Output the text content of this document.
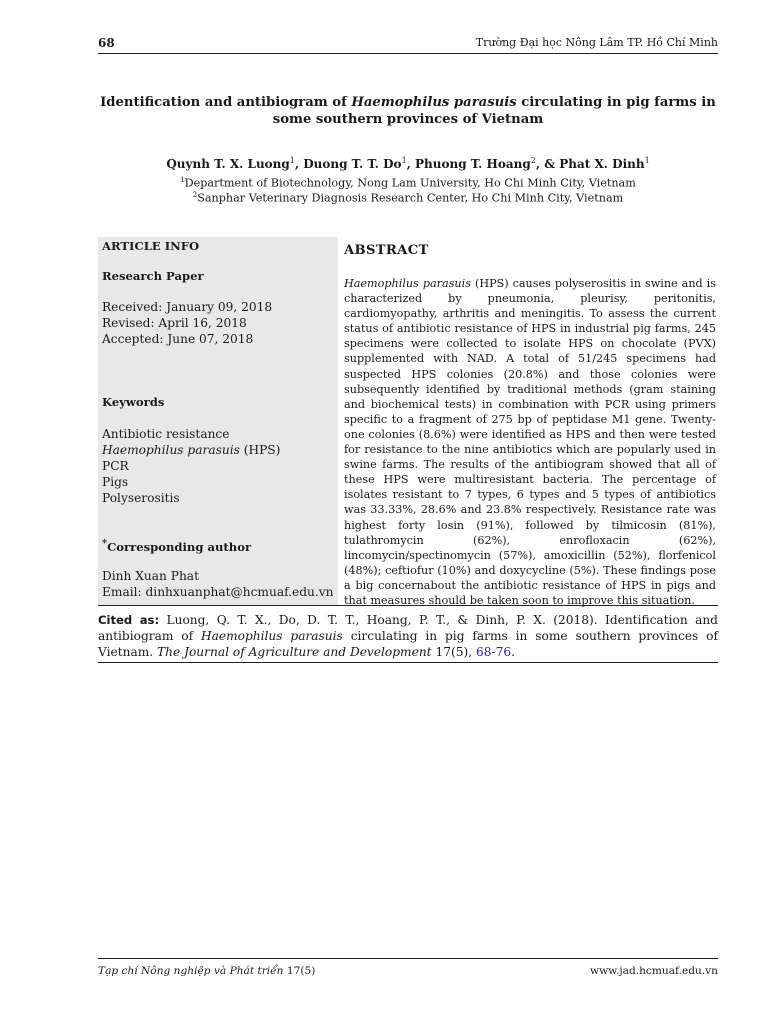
68	Trường Đại học Nông Lâm TP. Hồ Chí Minh
Identification and antibiogram of Haemophilus parasuis circulating in pig farms in
some southern provinces of Vietnam
Quynh T. X. Luong$^1$, Duong T. T. Do$^1$, Phuong T. Hoang$^2$, & Phat X. Dinh$^1$
$^1$Department of Biotechnology, Nong Lam University, Ho Chi Minh City, Vietnam
$^2$Sanphar Veterinary Diagnosis Research Center, Ho Chi Minh City, Vietnam
ARTICLE INFO
Research Paper
Received: January 09, 2018
Revised: April 16, 2018
Accepted: June 07, 2018
Keywords
Antibiotic resistance
Haemophilus parasuis (HPS)
PCR
Pigs
Polyserositis
*Corresponding author
Dinh Xuan Phat
Email: dinhxuanphat@hcmuaf.edu.vn
ABSTRACT
Haemophilus parasuis (HPS) causes polyserositis in swine and is characterized by pneumonia, pleurisy, peritonitis, cardiomyopathy, arthritis and meningitis. To assess the current status of antibiotic resistance of HPS in industrial pig farms, 245 specimens were collected to isolate HPS on chocolate (PVX) supplemented with NAD. A total of 51/245 specimens had suspected HPS colonies (20.8%) and those colonies were subsequently identified by traditional methods (gram staining and biochemical tests) in combination with PCR using primers specific to a fragment of 275 bp of peptidase M1 gene. Twenty-one colonies (8.6%) were identified as HPS and then were tested for resistance to the nine antibiotics which are popularly used in swine farms. The results of the antibiogram showed that all of these HPS were multiresistant bacteria. The percentage of isolates resistant to 7 types, 6 types and 5 types of antibiotics was 33.33%, 28.6% and 23.8% respectively. Resistance rate was highest forty losin (91%), followed by tilmicosin (81%), tulathromycin (62%), enrofloxacin (62%), lincomycin/spectinomycin (57%), amoxicillin (52%), florfenicol (48%); ceftiofur (10%) and doxycycline (5%). These findings pose a big concernabout the antibiotic resistance of HPS in pigs and that measures should be taken soon to improve this situation.
Cited as: Luong, Q. T. X., Do, D. T. T., Hoang, P. T., & Dinh, P. X. (2018). Identification and antibiogram of Haemophilus parasuis circulating in pig farms in some southern provinces of Vietnam. The Journal of Agriculture and Development 17(5), 68-76.
Tạp chí Nông nghiệp và Phát triển 17(5)	www.jad.hcmuaf.edu.vn
